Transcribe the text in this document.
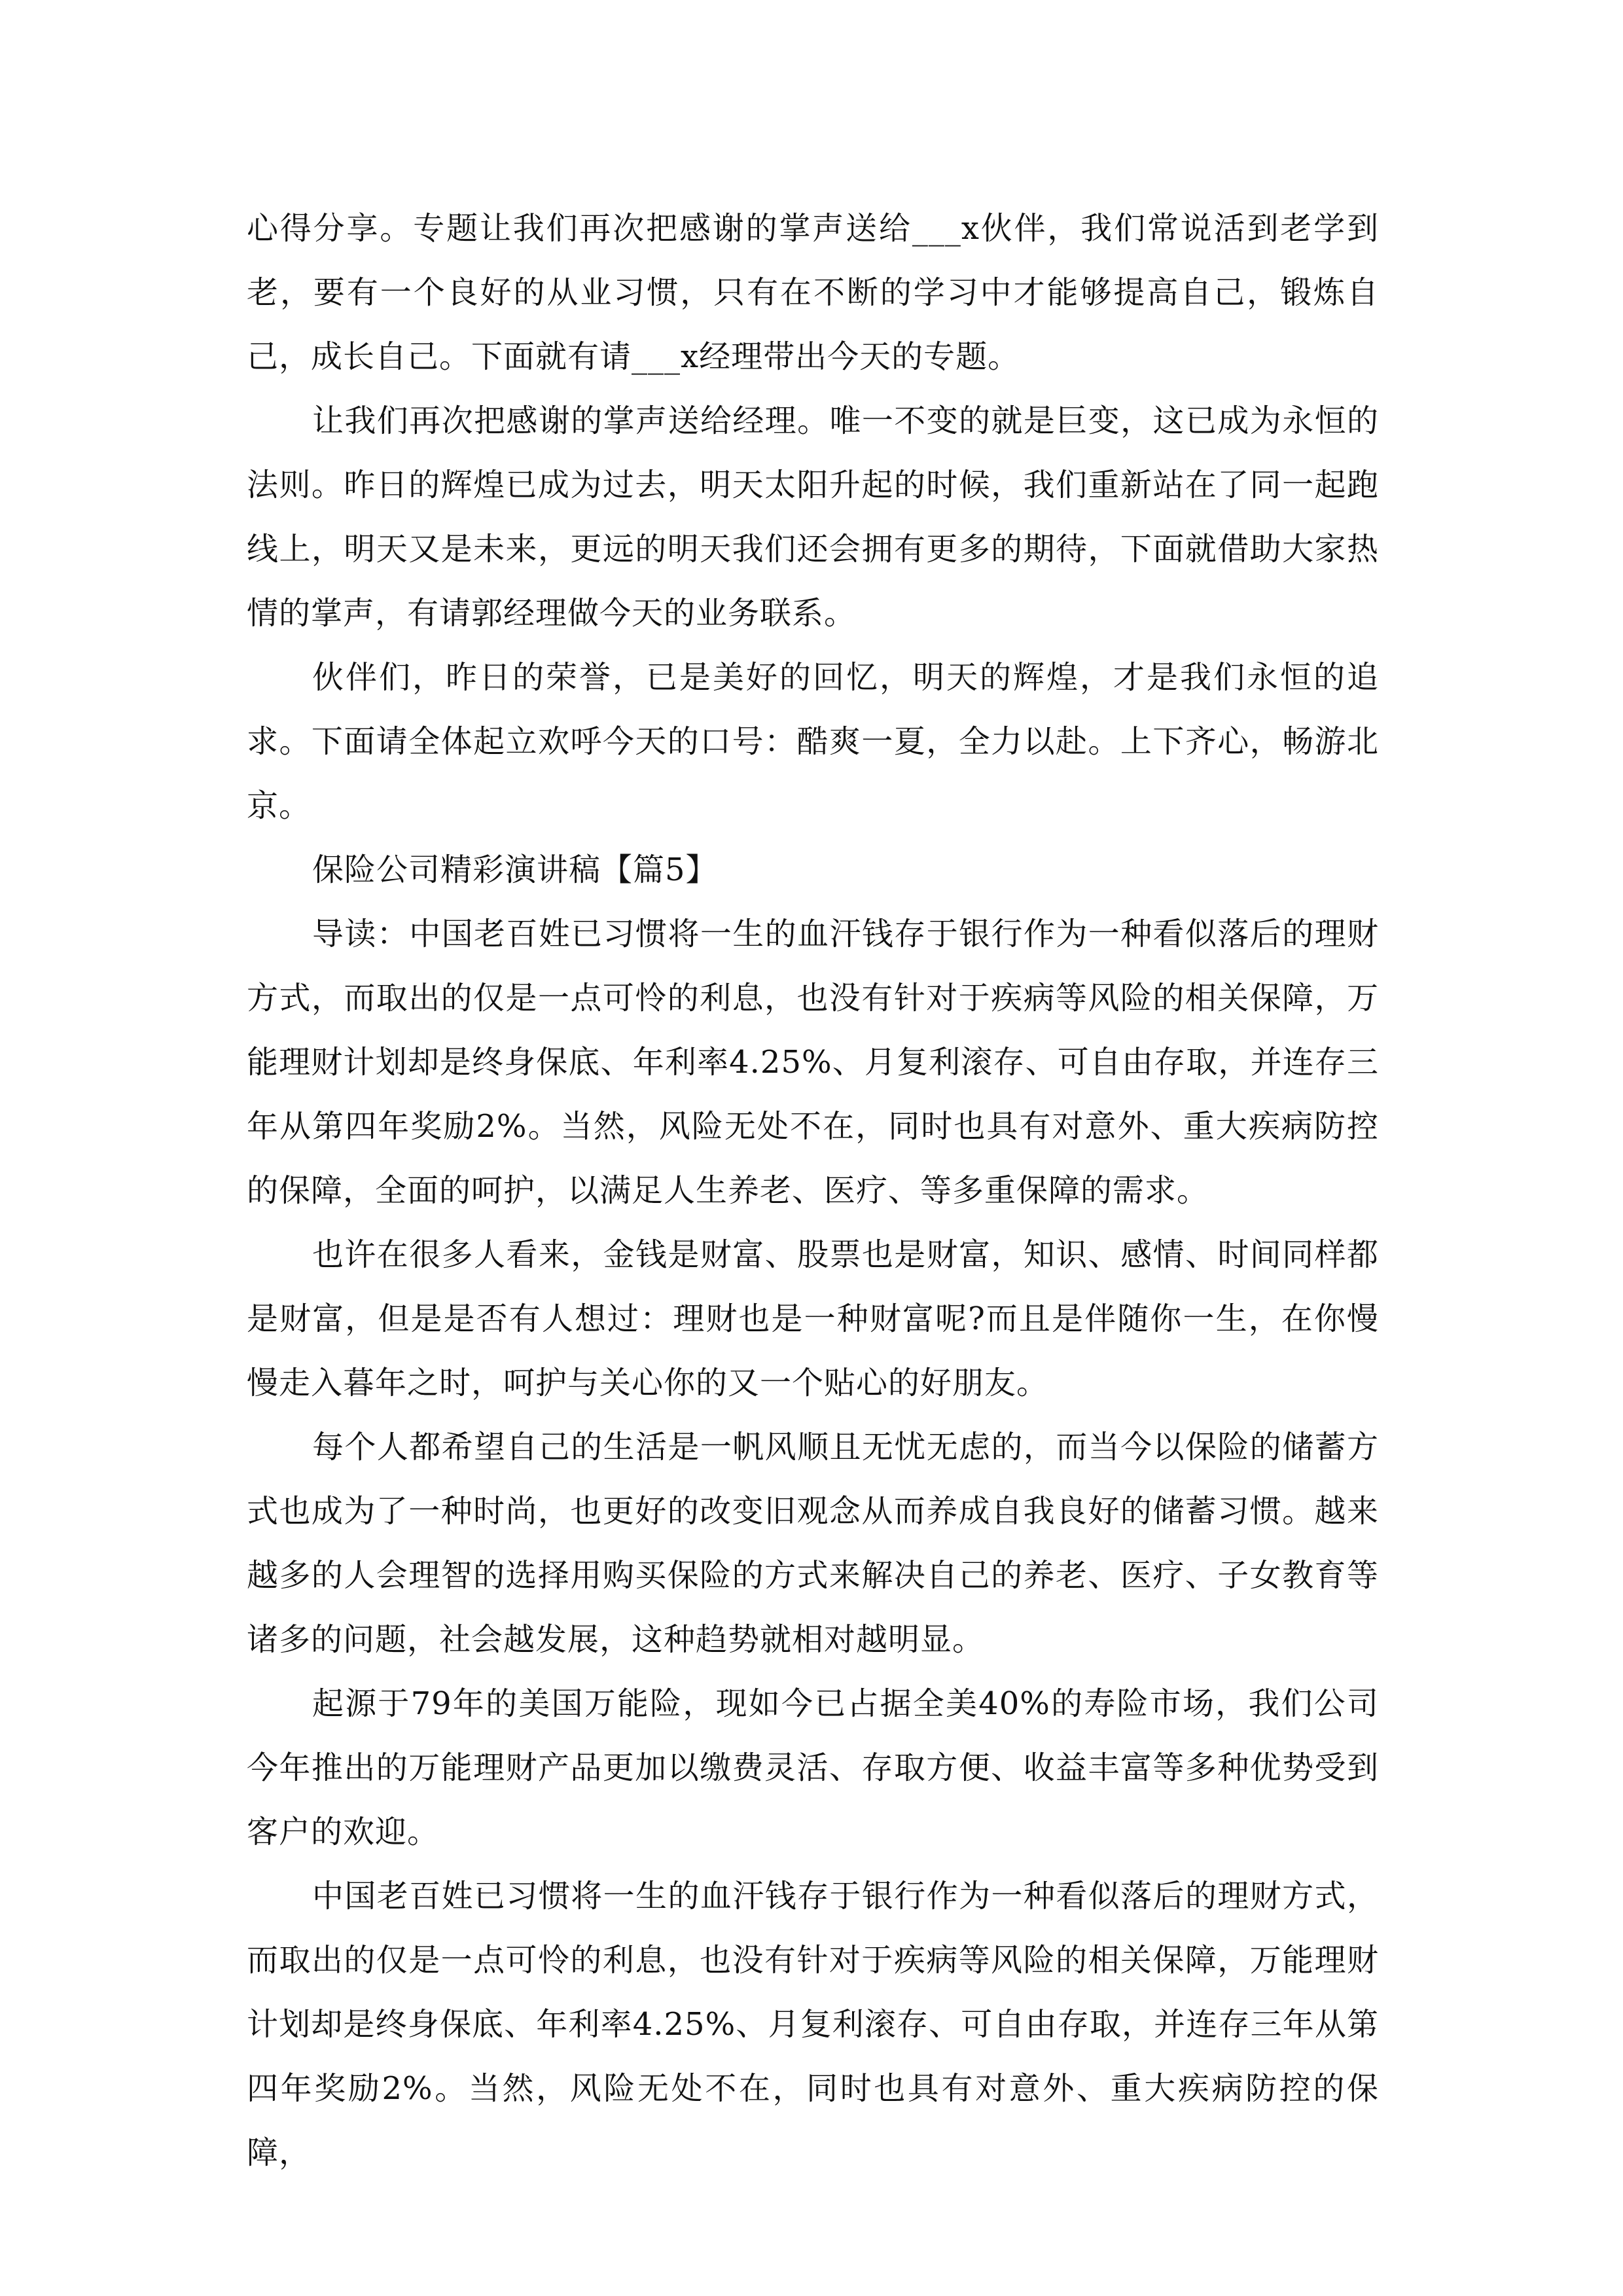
心得分享。专题让我们再次把感谢的掌声送给___x伙伴，我们常说活到老学到老，要有一个良好的从业习惯，只有在不断的学习中才能够提高自己，锻炼自己，成长自己。下面就有请___x经理带出今天的专题。

让我们再次把感谢的掌声送给经理。唯一不变的就是巨变，这已成为永恒的法则。昨日的辉煌已成为过去，明天太阳升起的时候，我们重新站在了同一起跑线上，明天又是未来，更远的明天我们还会拥有更多的期待，下面就借助大家热情的掌声，有请郭经理做今天的业务联系。

伙伴们，昨日的荣誉，已是美好的回忆，明天的辉煌，才是我们永恒的追求。下面请全体起立欢呼今天的口号：酷爽一夏，全力以赴。上下齐心，畅游北京。

保险公司精彩演讲稿【篇5】

导读：中国老百姓已习惯将一生的血汗钱存于银行作为一种看似落后的理财方式，而取出的仅是一点可怜的利息，也没有针对于疾病等风险的相关保障，万能理财计划却是终身保底、年利率4.25%、月复利滚存、可自由存取，并连存三年从第四年奖励2%。当然，风险无处不在，同时也具有对意外、重大疾病防控的保障，全面的呵护，以满足人生养老、医疗、等多重保障的需求。

也许在很多人看来，金钱是财富、股票也是财富，知识、感情、时间同样都是财富，但是是否有人想过：理财也是一种财富呢?而且是伴随你一生，在你慢慢走入暮年之时，呵护与关心你的又一个贴心的好朋友。

每个人都希望自己的生活是一帆风顺且无忧无虑的，而当今以保险的储蓄方式也成为了一种时尚，也更好的改变旧观念从而养成自我良好的储蓄习惯。越来越多的人会理智的选择用购买保险的方式来解决自己的养老、医疗、子女教育等诸多的问题，社会越发展，这种趋势就相对越明显。

起源于79年的美国万能险，现如今已占据全美40%的寿险市场，我们公司今年推出的万能理财产品更加以缴费灵活、存取方便、收益丰富等多种优势受到客户的欢迎。

中国老百姓已习惯将一生的血汗钱存于银行作为一种看似落后的理财方式，而取出的仅是一点可怜的利息，也没有针对于疾病等风险的相关保障，万能理财计划却是终身保底、年利率4.25%、月复利滚存、可自由存取，并连存三年从第四年奖励2%。当然，风险无处不在，同时也具有对意外、重大疾病防控的保障，
